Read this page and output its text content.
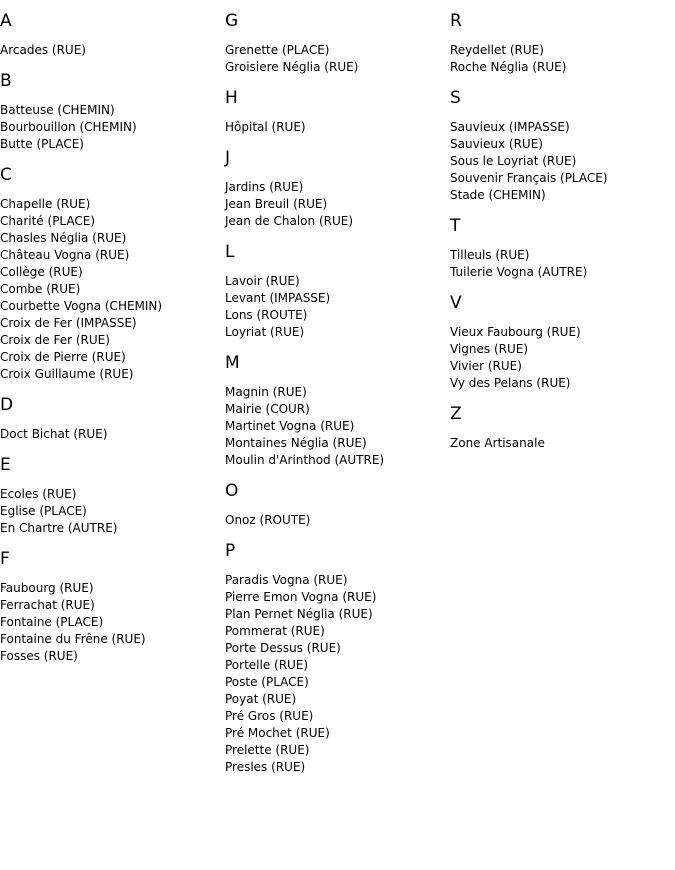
A
Arcades (RUE)
B
Batteuse (CHEMIN)
Bourbouillon (CHEMIN)
Butte (PLACE)
C
Chapelle (RUE)
Charité (PLACE)
Chasles Néglia (RUE)
Château Vogna (RUE)
Collège (RUE)
Combe (RUE)
Courbette Vogna (CHEMIN)
Croix de Fer (IMPASSE)
Croix de Fer (RUE)
Croix de Pierre (RUE)
Croix Guillaume (RUE)
D
Doct Bichat (RUE)
E
Ecoles (RUE)
Eglise (PLACE)
En Chartre (AUTRE)
F
Faubourg (RUE)
Ferrachat (RUE)
Fontaine (PLACE)
Fontaine du Frêne (RUE)
Fosses (RUE)
G
Grenette (PLACE)
Groisiere Néglia (RUE)
H
Hôpital (RUE)
J
Jardins (RUE)
Jean Breuil (RUE)
Jean de Chalon (RUE)
L
Lavoir (RUE)
Levant (IMPASSE)
Lons (ROUTE)
Loyriat (RUE)
M
Magnin (RUE)
Mairie (COUR)
Martinet Vogna (RUE)
Montaines Néglia (RUE)
Moulin d'Arinthod (AUTRE)
O
Onoz (ROUTE)
P
Paradis Vogna (RUE)
Pierre Emon Vogna (RUE)
Plan Pernet Néglia (RUE)
Pommerat (RUE)
Porte Dessus (RUE)
Portelle (RUE)
Poste (PLACE)
Poyat (RUE)
Pré Gros (RUE)
Pré Mochet (RUE)
Prelette (RUE)
Presles (RUE)
R
Reydellet (RUE)
Roche Néglia (RUE)
S
Sauvieux (IMPASSE)
Sauvieux (RUE)
Sous le Loyriat (RUE)
Souvenir Français (PLACE)
Stade (CHEMIN)
T
Tilleuls (RUE)
Tuilerie Vogna (AUTRE)
V
Vieux Faubourg (RUE)
Vignes (RUE)
Vivier (RUE)
Vy des Pelans (RUE)
Z
Zone Artisanale
